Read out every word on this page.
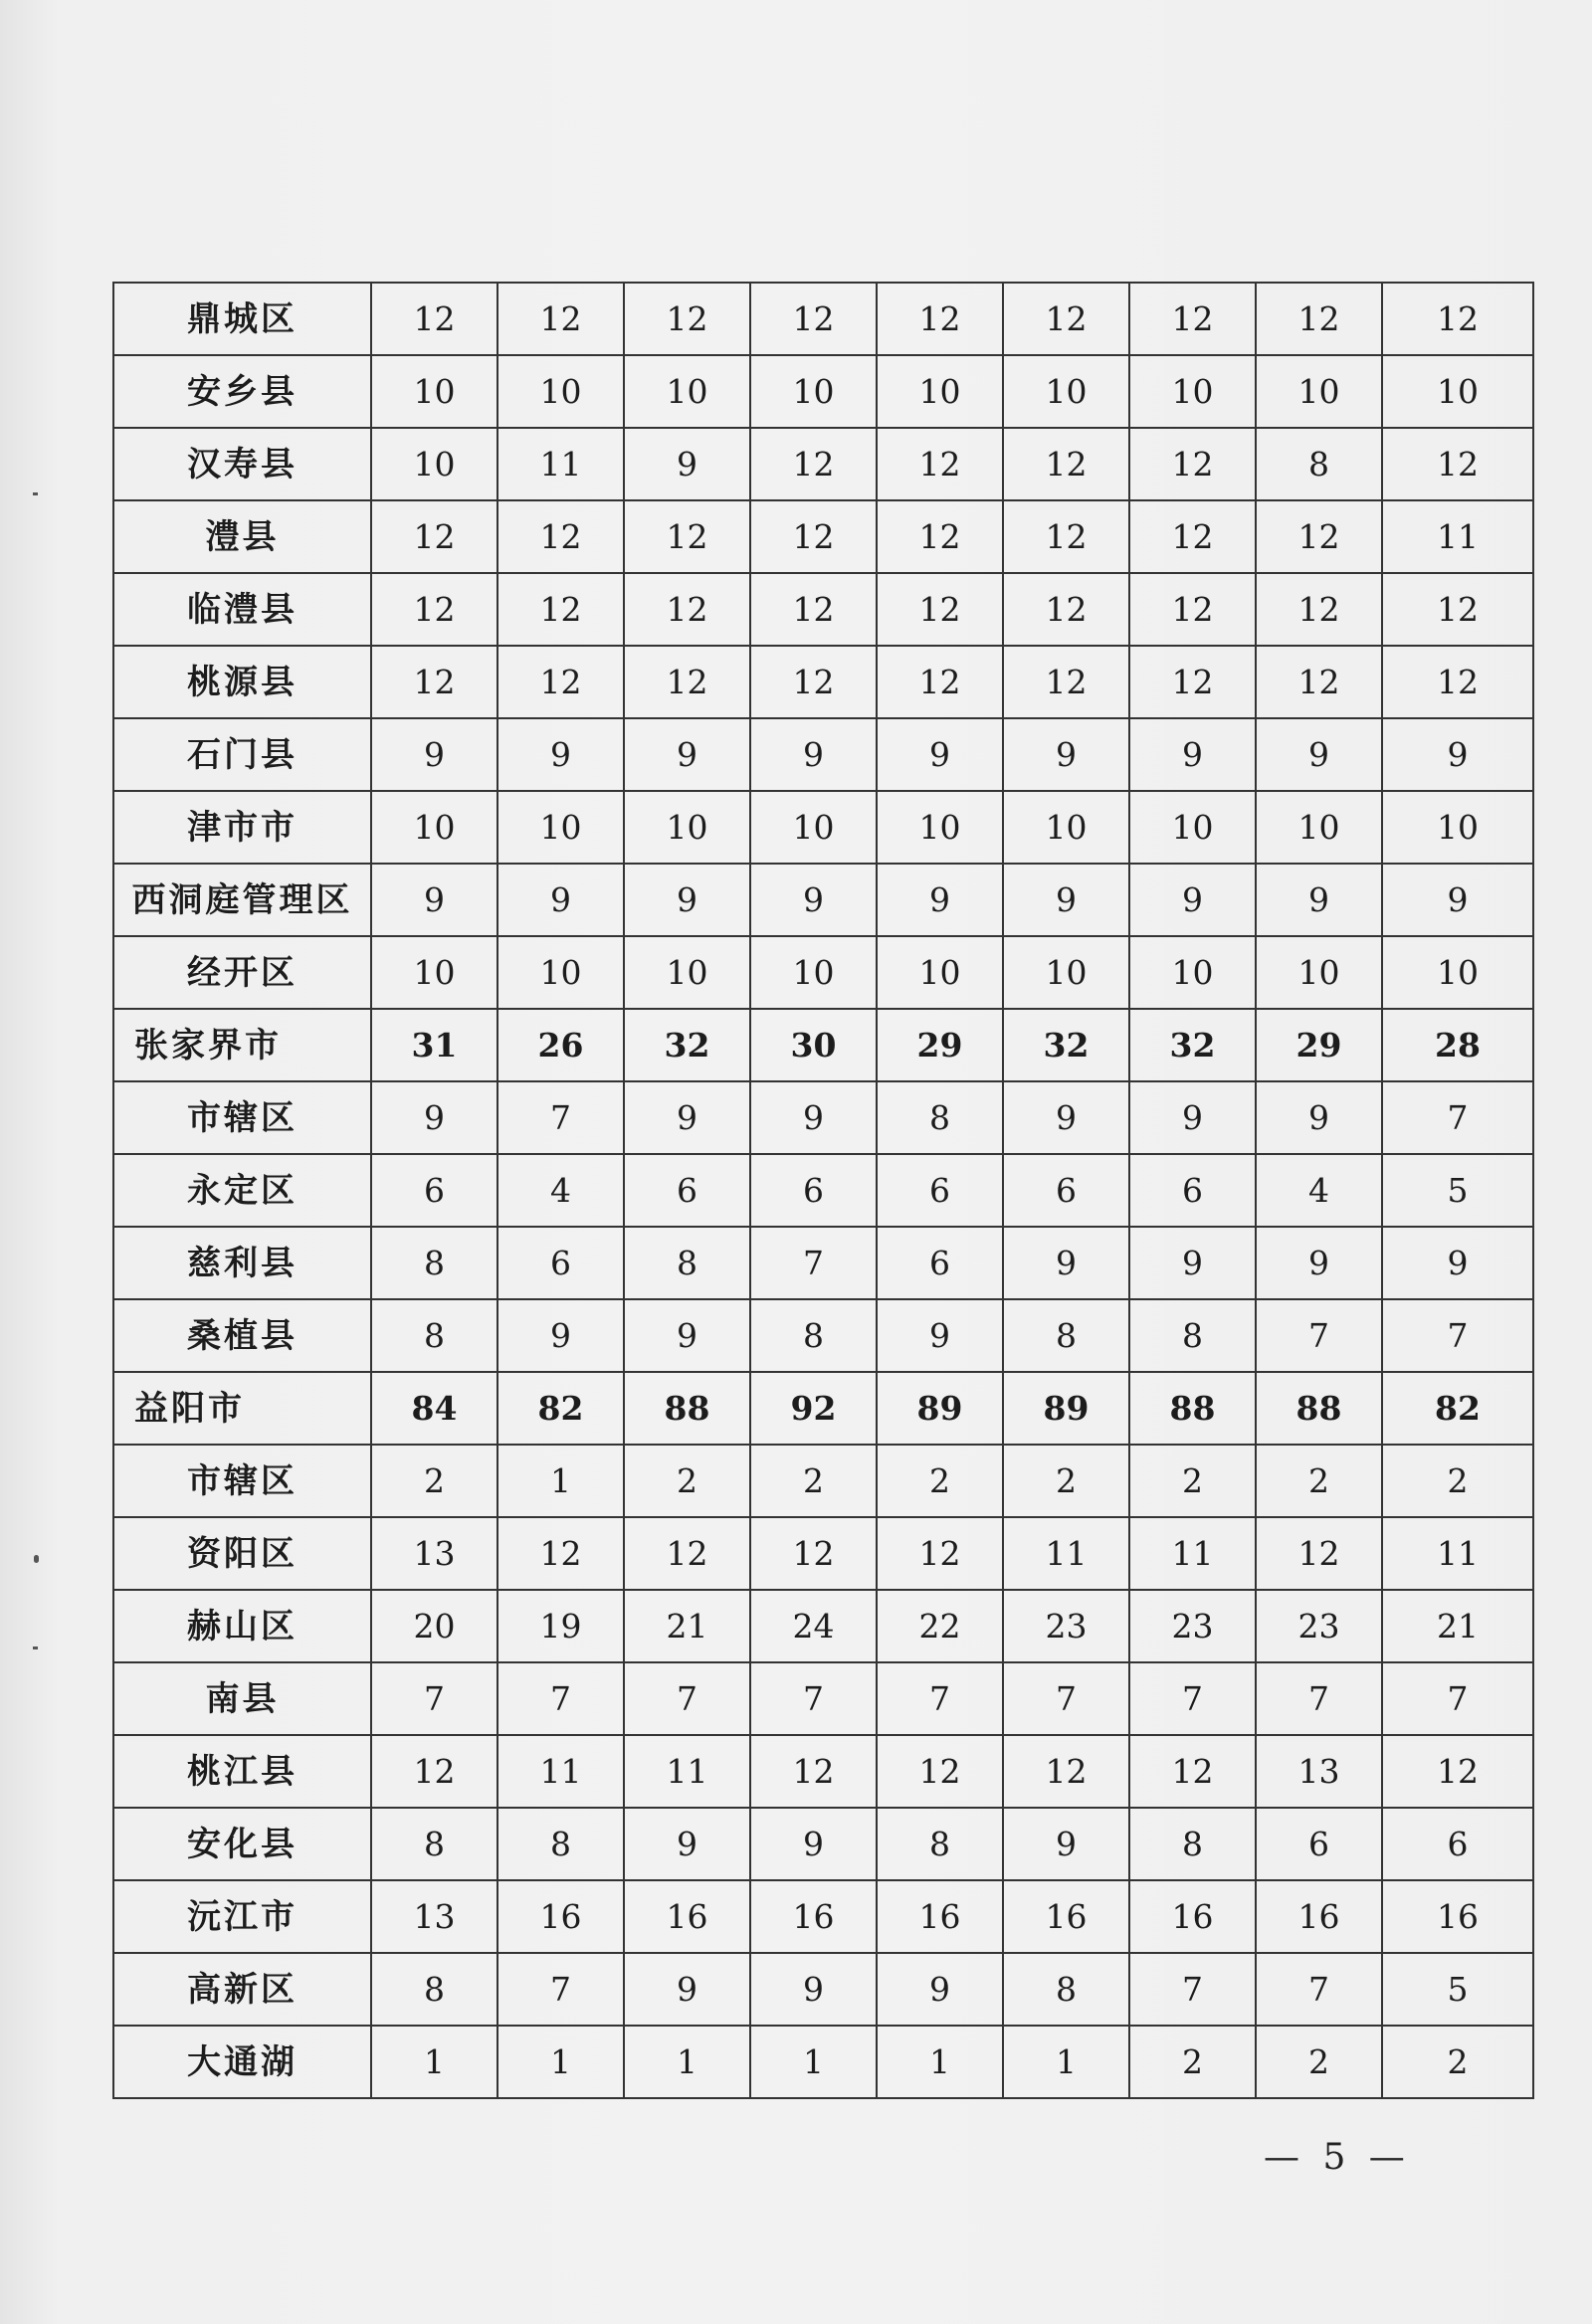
鼎城区	12	12	12	12	12	12	12	12	12
安乡县	10	10	10	10	10	10	10	10	10
汉寿县	10	11	9	12	12	12	12	8	12
澧县	12	12	12	12	12	12	12	12	11
临澧县	12	12	12	12	12	12	12	12	12
桃源县	12	12	12	12	12	12	12	12	12
石门县	9	9	9	9	9	9	9	9	9
津市市	10	10	10	10	10	10	10	10	10
西洞庭管理区	9	9	9	9	9	9	9	9	9
经开区	10	10	10	10	10	10	10	10	10
张家界市	31	26	32	30	29	32	32	29	28
市辖区	9	7	9	9	8	9	9	9	7
永定区	6	4	6	6	6	6	6	4	5
慈利县	8	6	8	7	6	9	9	9	9
桑植县	8	9	9	8	9	8	8	7	7
益阳市	84	82	88	92	89	89	88	88	82
市辖区	2	1	2	2	2	2	2	2	2
资阳区	13	12	12	12	12	11	11	12	11
赫山区	20	19	21	24	22	23	23	23	21
南县	7	7	7	7	7	7	7	7	7
桃江县	12	11	11	12	12	12	12	13	12
安化县	8	8	9	9	8	9	8	6	6
沅江市	13	16	16	16	16	16	16	16	16
高新区	8	7	9	9	9	8	7	7	5
大通湖	1	1	1	1	1	1	2	2	2
— 5 —
